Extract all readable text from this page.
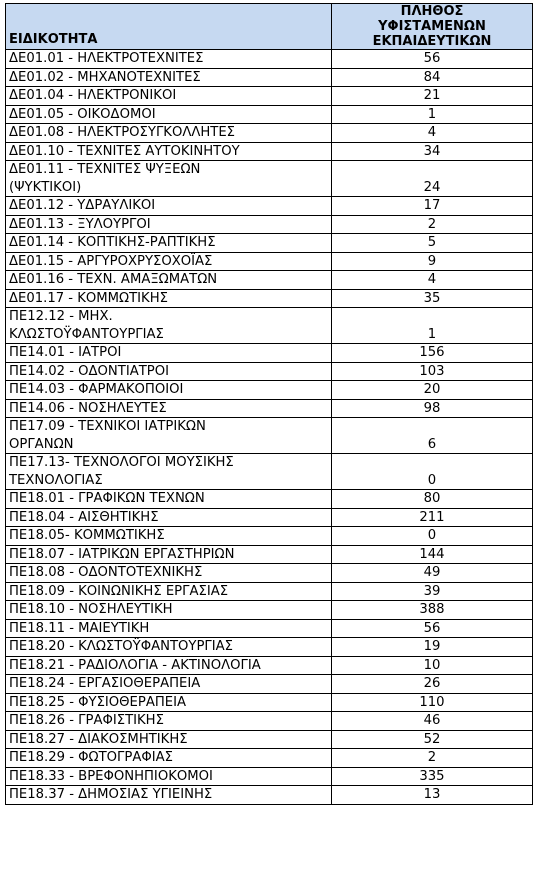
ΕΙΔΙΚΟΤΗΤΑ	ΠΛΗΘΟΣ
ΥΦΙΣΤΑΜΕΝΩΝ
ΕΚΠΑΙΔΕΥΤΙΚΩΝ

ΔΕ01.01 - ΗΛΕΚΤΡΟΤΕΧΝΙΤΕΣ	56
ΔΕ01.02 - ΜΗΧΑΝΟΤΕΧΝΙΤΕΣ	84
ΔΕ01.04 - ΗΛΕΚΤΡΟΝΙΚΟΙ	21
ΔΕ01.05 - ΟΙΚΟΔΟΜΟΙ	1
ΔΕ01.08 - ΗΛΕΚΤΡΟΣΥΓΚΟΛΛΗΤΕΣ	4
ΔΕ01.10 - ΤΕΧΝΙΤΕΣ ΑΥΤΟΚΙΝΗΤΟΥ	34
ΔΕ01.11 - ΤΕΧΝΙΤΕΣ ΨΥΞΕΩΝ
(ΨΥΚΤΙΚΟΙ)	24
ΔΕ01.12 - ΥΔΡΑΥΛΙΚΟΙ	17
ΔΕ01.13 - ΞΥΛΟΥΡΓΟΙ	2
ΔΕ01.14 - ΚΟΠΤΙΚΗΣ-ΡΑΠΤΙΚΗΣ	5
ΔΕ01.15 - ΑΡΓΥΡΟΧΡΥΣΟΧΟΪΑΣ	9
ΔΕ01.16 - ΤΕΧΝ. ΑΜΑΞΩΜΑΤΩΝ	4
ΔΕ01.17 - ΚΟΜΜΩΤΙΚΗΣ	35
ΠΕ12.12 - ΜΗΧ.
ΚΛΩΣΤΟΫΦΑΝΤΟΥΡΓΙΑΣ	1
ΠΕ14.01 - ΙΑΤΡΟΙ	156
ΠΕ14.02 - ΟΔΟΝΤΙΑΤΡΟΙ	103
ΠΕ14.03 - ΦΑΡΜΑΚΟΠΟΙΟΙ	20
ΠΕ14.06 - ΝΟΣΗΛΕΥΤΕΣ	98
ΠΕ17.09 - ΤΕΧΝΙΚΟΙ ΙΑΤΡΙΚΩΝ
ΟΡΓΑΝΩΝ	6
ΠΕ17.13- ΤΕΧΝΟΛΟΓΟΙ ΜΟΥΣΙΚΗΣ
ΤΕΧΝΟΛΟΓΙΑΣ	0
ΠΕ18.01 - ΓΡΑΦΙΚΩΝ ΤΕΧΝΩΝ	80
ΠΕ18.04 - ΑΙΣΘΗΤΙΚΗΣ	211
ΠΕ18.05- ΚΟΜΜΩΤΙΚΗΣ	0
ΠΕ18.07 - ΙΑΤΡΙΚΩΝ ΕΡΓΑΣΤΗΡΙΩΝ	144
ΠΕ18.08 - ΟΔΟΝΤΟΤΕΧΝΙΚΗΣ	49
ΠΕ18.09 - ΚΟΙΝΩΝΙΚΗΣ ΕΡΓΑΣΙΑΣ	39
ΠΕ18.10 - ΝΟΣΗΛΕΥΤΙΚΗ	388
ΠΕ18.11 - ΜΑΙΕΥΤΙΚΗ	56
ΠΕ18.20 - ΚΛΩΣΤΟΫΦΑΝΤΟΥΡΓΙΑΣ	19
ΠΕ18.21 - ΡΑΔΙΟΛΟΓΙΑ - ΑΚΤΙΝΟΛΟΓΙΑ	10
ΠΕ18.24 - ΕΡΓΑΣΙΟΘΕΡΑΠΕΙΑ	26
ΠΕ18.25 - ΦΥΣΙΟΘΕΡΑΠΕΙΑ	110
ΠΕ18.26 - ΓΡΑΦΙΣΤΙΚΗΣ	46
ΠΕ18.27 - ΔΙΑΚΟΣΜΗΤΙΚΗΣ	52
ΠΕ18.29 - ΦΩΤΟΓΡΑΦΙΑΣ	2
ΠΕ18.33 - ΒΡΕΦΟΝΗΠΙΟΚΟΜΟΙ	335
ΠΕ18.37 - ΔΗΜΟΣΙΑΣ ΥΓΙΕΙΝΗΣ	13
